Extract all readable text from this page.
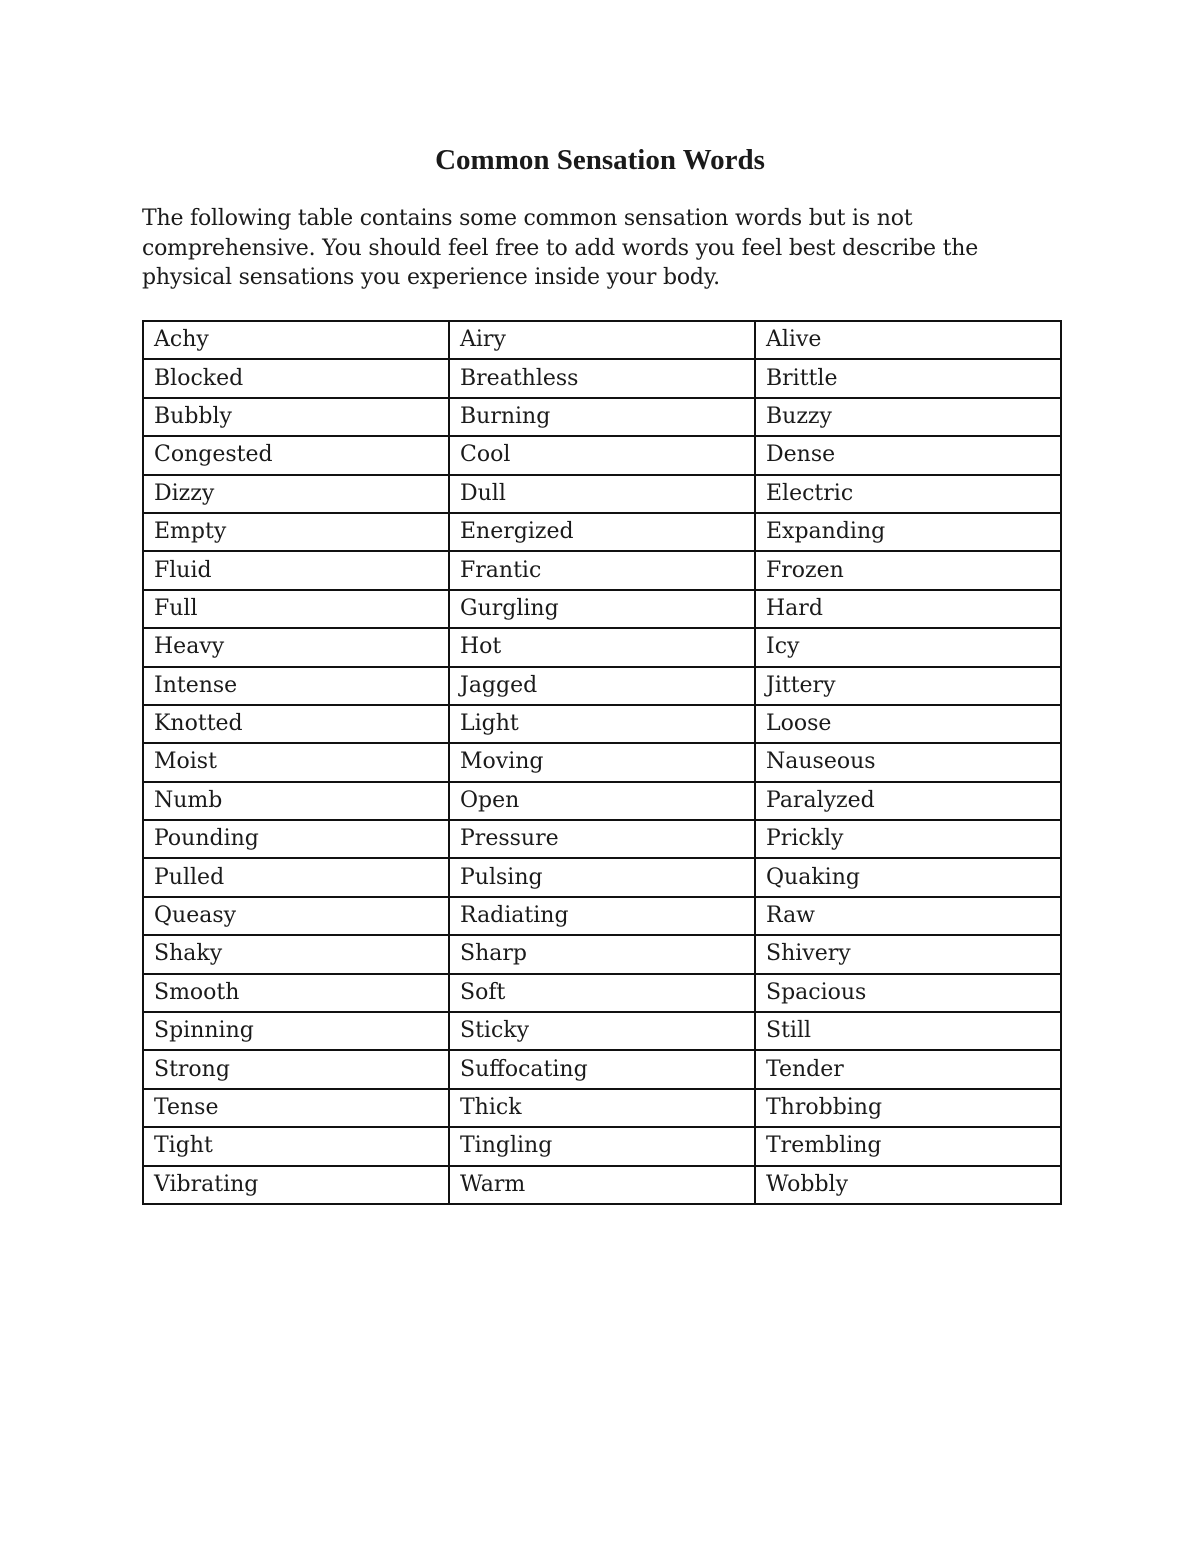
Common Sensation Words

The following table contains some common sensation words but is not comprehensive. You should feel free to add words you feel best describe the physical sensations you experience inside your body.

Achy	Airy	Alive
Blocked	Breathless	Brittle
Bubbly	Burning	Buzzy
Congested	Cool	Dense
Dizzy	Dull	Electric
Empty	Energized	Expanding
Fluid	Frantic	Frozen
Full	Gurgling	Hard
Heavy	Hot	Icy
Intense	Jagged	Jittery
Knotted	Light	Loose
Moist	Moving	Nauseous
Numb	Open	Paralyzed
Pounding	Pressure	Prickly
Pulled	Pulsing	Quaking
Queasy	Radiating	Raw
Shaky	Sharp	Shivery
Smooth	Soft	Spacious
Spinning	Sticky	Still
Strong	Suffocating	Tender
Tense	Thick	Throbbing
Tight	Tingling	Trembling
Vibrating	Warm	Wobbly
